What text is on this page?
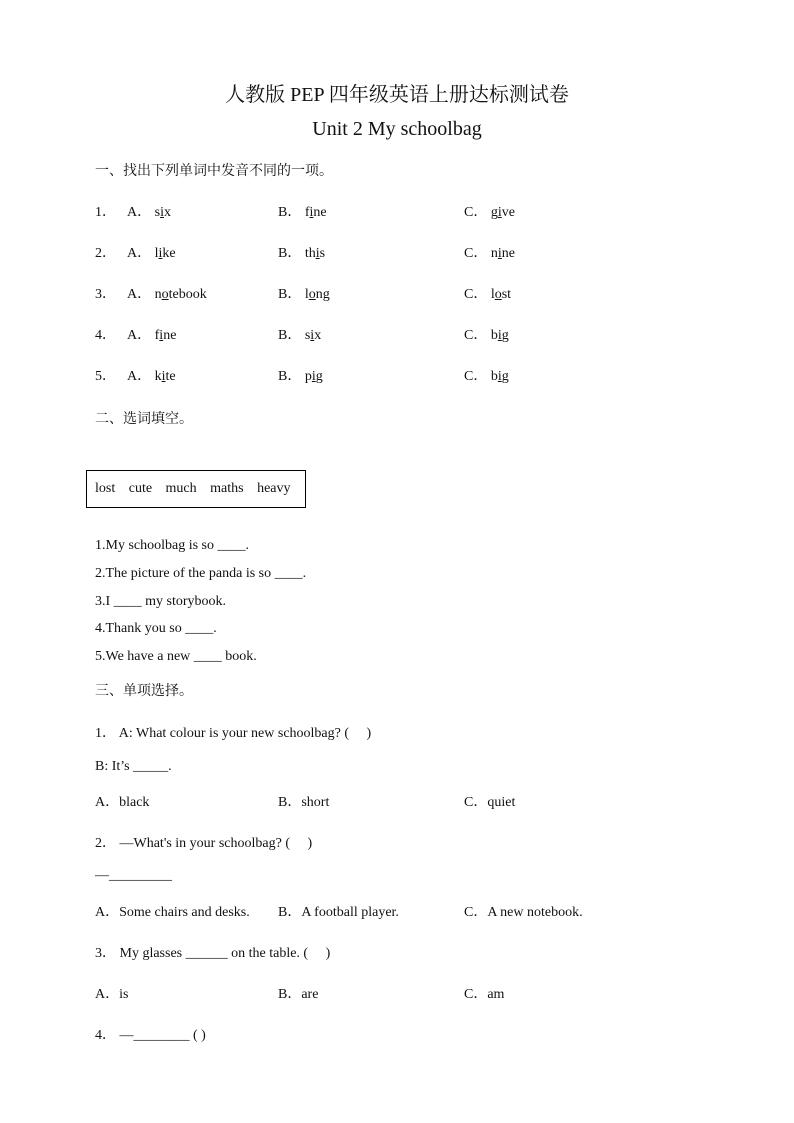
人教版 PEP 四年级英语上册达标测试卷
Unit 2 My schoolbag
一、找出下列单词中发音不同的一项。
1． A． six	B． fine	C． give
2． A． like	B． this	C． nine
3． A． notebook	B． long	C． lost
4． A． fine	B． six	C． big
5． A． kite	B． pig	C． big
二、选词填空。
lost cute much maths heavy
1.My schoolbag is so ____.
2.The picture of the panda is so ____.
3.I ____ my storybook.
4.Thank you so ____.
5.We have a new ____ book.
三、单项选择。
1． A: What colour is your new schoolbag? (　 )
B: It’s _____.
A．black	B．short	C．quiet
2． —What's in your schoolbag? (　 )
—_________
A．Some chairs and desks. B．A football player.	C．A new notebook.
3． My glasses ______ on the table. (　 )
A．is	B．are	C．am
4． —________ ( )
